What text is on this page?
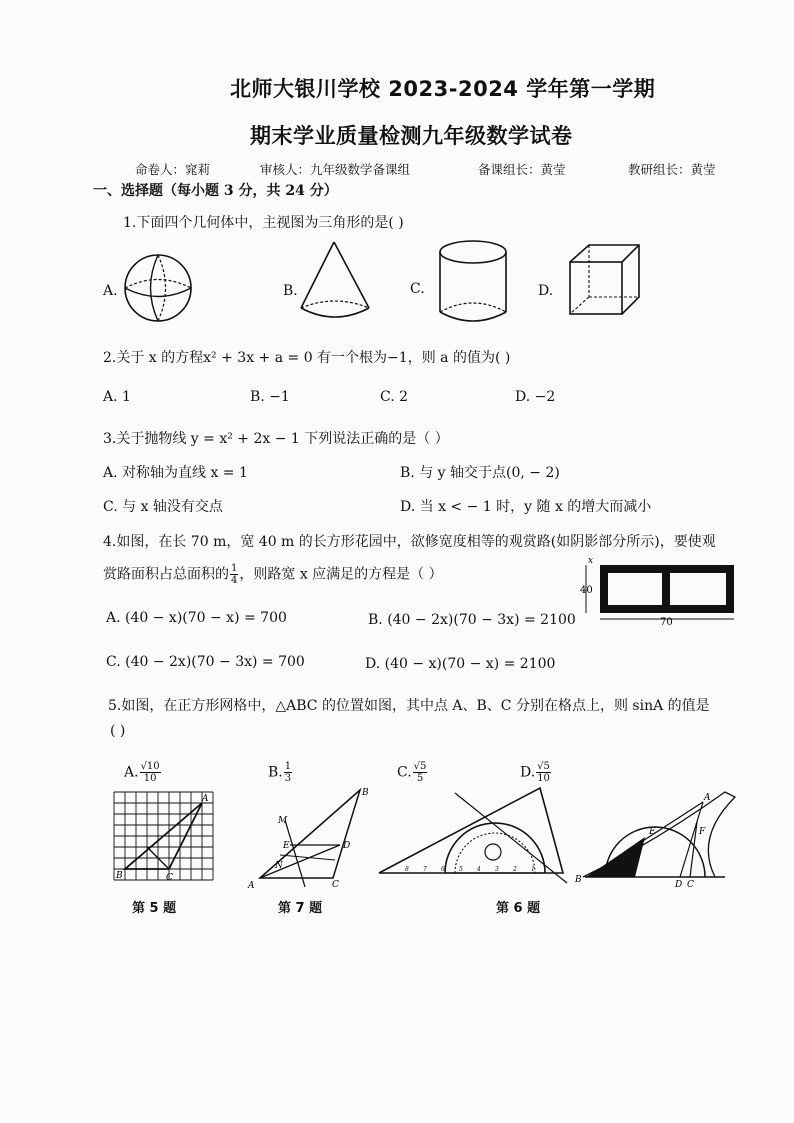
北师大银川学校 2023-2024 学年第一学期
期末学业质量检测九年级数学试卷
命卷人：窕莉	审核人：九年级数学备课组	备课组长：黄莹	教研组长：黄莹
一、选择题（每小题 3 分，共 24 分）
1.下面四个几何体中，主视图为三角形的是( )
A.	B.	C.	D.
2.关于 x 的方程x² + 3x + a = 0 有一个根为−1，则 a 的值为( )
A. 1	B. −1	C. 2	D. −2
3.关于抛物线 y = x² + 2x − 1 下列说法正确的是（ ）
A. 对称轴为直线 x = 1	B. 与 y 轴交于点(0, − 2)
C. 与 x 轴没有交点	D. 当 x < − 1 时，y 随 x 的增大而减小
4.如图，在长 70 m，宽 40 m 的长方形花园中，欲修宽度相等的观赏路(如阴影部分所示)，要使观
赏路面积占总面积的 $\frac{1}{4}$ ，则路宽 x 应满足的方程是（ ）
A. (40 − x)(70 − x) = 700	B. (40 − 2x)(70 − 3x) = 2100
C. (40 − 2x)(70 − 3x) = 700	D. (40 − x)(70 − x) = 2100
x
40
70
5.如图，在正方形网格中，△ABC 的位置如图，其中点 A、B、C 分别在格点上，则 sinA 的值是
( )
A. $\frac{√10}{10}$	B. $\frac{1}{3}$	C. $\frac{√5}{5}$	D. $\frac{√5}{10}$
A
B	C
A
B
C
D
E
M
N	8 7 6 5 4 3 2 1
B
A
C
D
E	F
第 5 题	第 7 题	第 6 题
